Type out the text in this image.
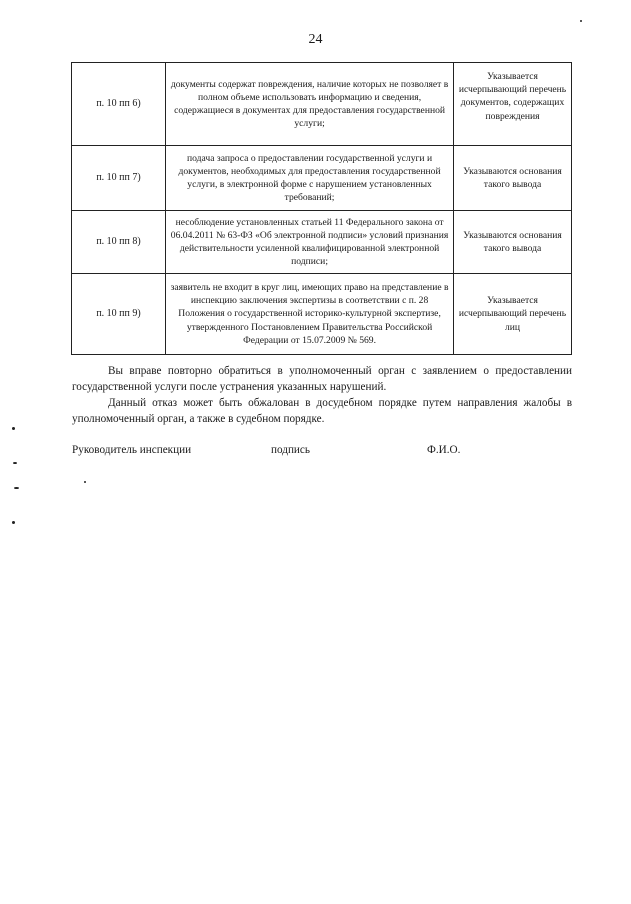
24
п. 10 пп 6)	документы содержат повреждения, наличие которых не позволяет в полном объеме использовать информацию и сведения, содержащиеся в документах для предоставления государственной услуги;	Указывается исчерпывающий перечень документов, содержащих повреждения

п. 10 пп 7)	подача запроса о предоставлении государственной услуги и документов, необходимых для предоставления государственной услуги, в электронной форме с нарушением установленных требований;	Указываются основания такого вывода
п. 10 пп 8)	несоблюдение установленных статьей 11 Федерального закона от 06.04.2011 № 63-ФЗ «Об электронной подписи» условий признания действительности усиленной квалифицированной электронной подписи;	Указываются основания такого вывода
п. 10 пп 9)	заявитель не входит в круг лиц, имеющих право на представление в инспекцию заключения экспертизы в соответствии с п. 28 Положения о государственной историко-культурной экспертизе, утвержденного Постановлением Правительства Российской Федерации от 15.07.2009 № 569.	Указывается исчерпывающий перечень лиц
Вы вправе повторно обратиться в уполномоченный орган с заявлением о предоставлении государственной услуги после устранения указанных нарушений.
Данный отказ может быть обжалован в досудебном порядке путем направления жалобы в уполномоченный орган, а также в судебном порядке.
Руководитель инспекции	подпись	Ф.И.О.
